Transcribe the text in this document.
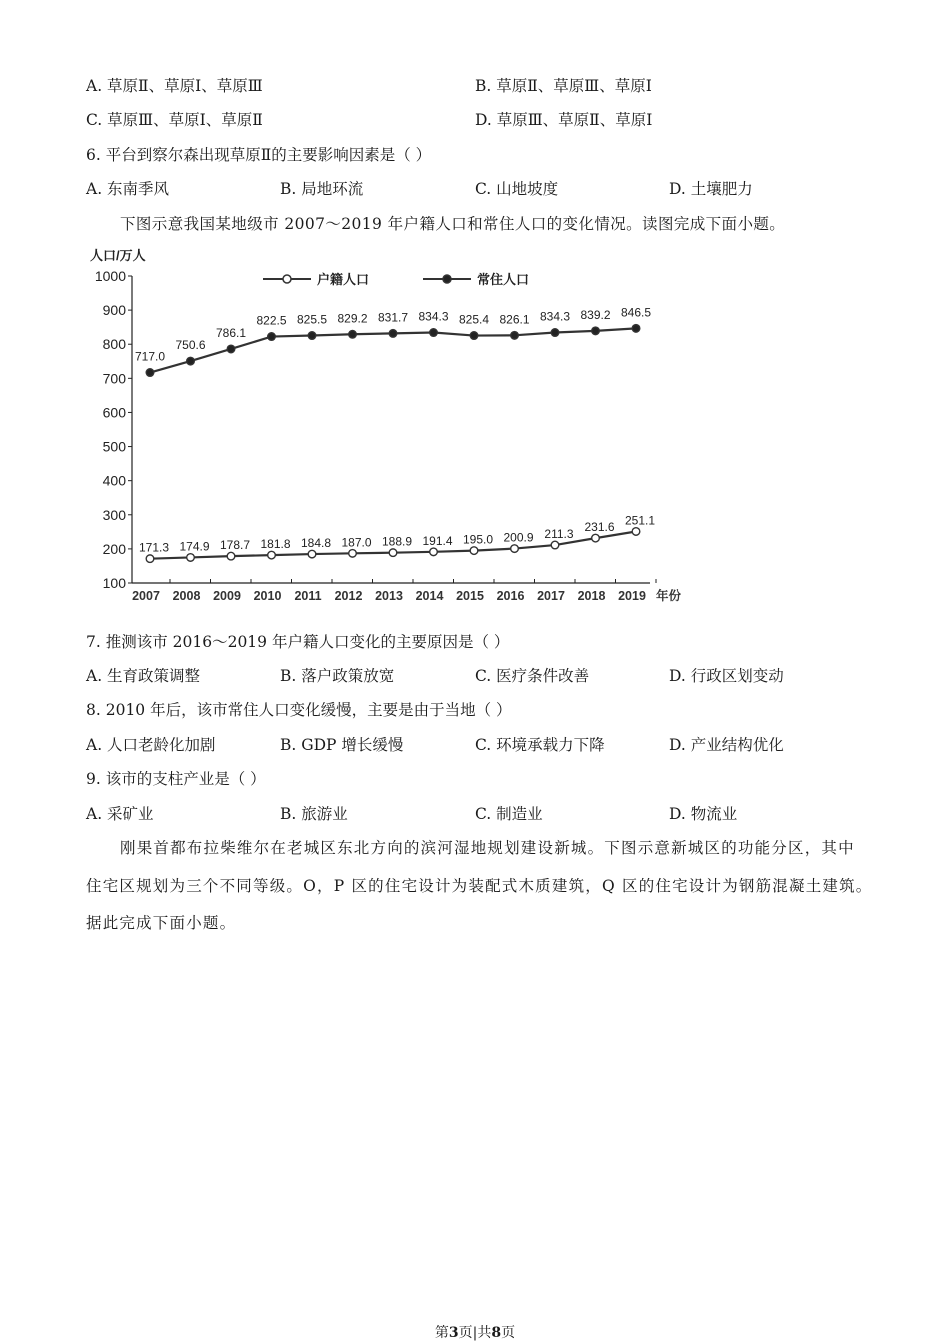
A. 草原Ⅱ、草原Ⅰ、草原Ⅲ	B. 草原Ⅱ、草原Ⅲ、草原Ⅰ
C. 草原Ⅲ、草原Ⅰ、草原Ⅱ	D. 草原Ⅲ、草原Ⅱ、草原Ⅰ
6. 平台到察尔森出现草原Ⅱ的主要影响因素是（ ）
A. 东南季风	B. 局地环流	C. 山地坡度	D. 土壤肥力
下图示意我国某地级市 2007～2019 年户籍人口和常住人口的变化情况。读图完成下面小题。
100
200
300
400
500
600
700
800
900
1000
2007 2008 2009 2010 2011 2012 2013 2014 2015 2016 2017 2018 2019
人口/万人
年份
户籍人口	常住人口
171.3 174.9 178.7 181.8 184.8 187.0 188.9 191.4 195.0 200.9 211.3 231.6 251.1
717.0
750.6
786.1
822.5 825.5 829.2 831.7 834.3 825.4 826.1 834.3 839.2 846.5
7. 推测该市 2016～2019 年户籍人口变化的主要原因是（ ）
A. 生育政策调整	B. 落户政策放宽	C. 医疗条件改善	D. 行政区划变动
8. 2010 年后，该市常住人口变化缓慢，主要是由于当地（ ）
A. 人口老龄化加剧	B. GDP 增长缓慢	C. 环境承载力下降	D. 产业结构优化
9. 该市的支柱产业是（ ）
A. 采矿业	B. 旅游业	C. 制造业	D. 物流业
刚果首都布拉柴维尔在老城区东北方向的滨河湿地规划建设新城。下图示意新城区的功能分区，其中
住宅区规划为三个不同等级。O，P 区的住宅设计为装配式木质建筑，Q 区的住宅设计为钢筋混凝土建筑。
据此完成下面小题。
第3页|共8页
